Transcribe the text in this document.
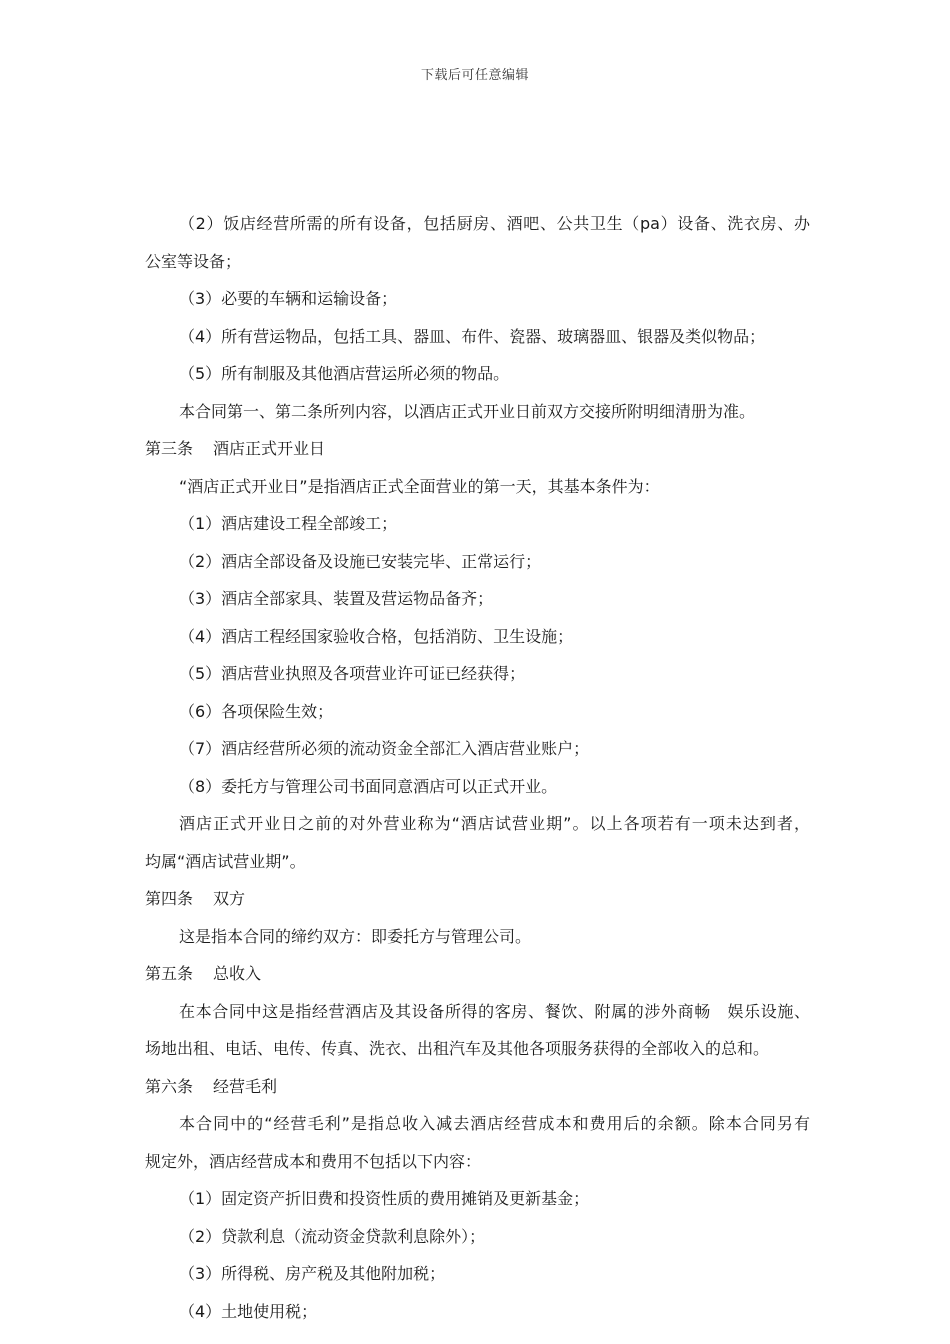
下载后可任意编辑
（2）饭店经营所需的所有设备，包括厨房、酒吧、公共卫生（pa）设备、洗衣房、办
公室等设备；
（3）必要的车辆和运输设备；
（4）所有营运物品，包括工具、器皿、布件、瓷器、玻璃器皿、银器及类似物品；
（5）所有制服及其他酒店营运所必须的物品。
本合同第一、第二条所列内容，以酒店正式开业日前双方交接所附明细清册为准。
第三条 酒店正式开业日
“酒店正式开业日”是指酒店正式全面营业的第一天，其基本条件为：
（1）酒店建设工程全部竣工；
（2）酒店全部设备及设施已安装完毕、正常运行；
（3）酒店全部家具、装置及营运物品备齐；
（4）酒店工程经国家验收合格，包括消防、卫生设施；
（5）酒店营业执照及各项营业许可证已经获得；
（6）各项保险生效；
（7）酒店经营所必须的流动资金全部汇入酒店营业账户；
（8）委托方与管理公司书面同意酒店可以正式开业。
酒店正式开业日之前的对外营业称为“酒店试营业期”。以上各项若有一项未达到者，
均属“酒店试营业期”。
第四条 双方
这是指本合同的缔约双方：即委托方与管理公司。
第五条 总收入
在本合同中这是指经营酒店及其设备所得的客房、餐饮、附属的涉外商畅　娱乐设施、
场地出租、电话、电传、传真、洗衣、出租汽车及其他各项服务获得的全部收入的总和。
第六条 经营毛利
本合同中的“经营毛利”是指总收入减去酒店经营成本和费用后的余额。除本合同另有
规定外，酒店经营成本和费用不包括以下内容：
（1）固定资产折旧费和投资性质的费用摊销及更新基金；
（2）贷款利息（流动资金贷款利息除外）；
（3）所得税、房产税及其他附加税；
（4）土地使用税；
